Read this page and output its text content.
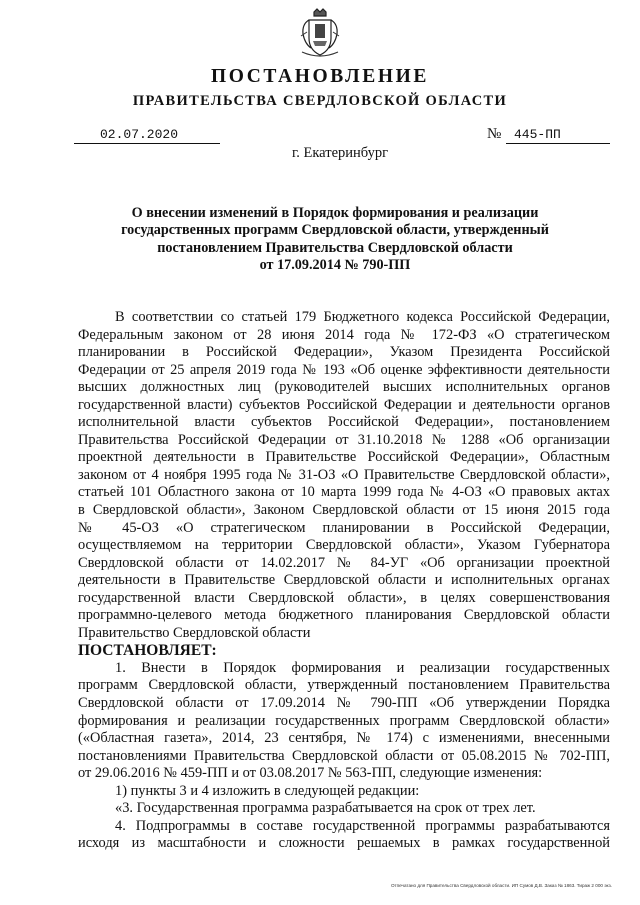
ПОСТАНОВЛЕНИЕ
ПРАВИТЕЛЬСТВА СВЕРДЛОВСКОЙ ОБЛАСТИ
02.07.2020	№ 445-ПП
г. Екатеринбург
О внесении изменений в Порядок формирования и реализации
государственных программ Свердловской области, утвержденный
постановлением Правительства Свердловской области
от 17.09.2014 № 790-ПП
В соответствии со статьей 179 Бюджетного кодекса Российской Федерации,
Федеральным законом от 28 июня 2014 года № 172-ФЗ «О стратегическом
планировании в Российской Федерации», Указом Президента Российской
Федерации от 25 апреля 2019 года № 193 «Об оценке эффективности деятельности
высших должностных лиц (руководителей высших исполнительных органов
государственной власти) субъектов Российской Федерации и деятельности органов
исполнительной власти субъектов Российской Федерации», постановлением
Правительства Российской Федерации от 31.10.2018 № 1288 «Об организации
проектной деятельности в Правительстве Российской Федерации», Областным
законом от 4 ноября 1995 года № 31-ОЗ «О Правительстве Свердловской области»,
статьей 101 Областного закона от 10 марта 1999 года № 4-ОЗ «О правовых актах
в Свердловской области», Законом Свердловской области от 15 июня 2015 года
№ 45-ОЗ «О стратегическом планировании в Российской Федерации,
осуществляемом на территории Свердловской области», Указом Губернатора
Свердловской области от 14.02.2017 № 84-УГ «Об организации проектной
деятельности в Правительстве Свердловской области и исполнительных органах
государственной власти Свердловской области», в целях совершенствования
программно-целевого метода бюджетного планирования Свердловской области
Правительство Свердловской области
ПОСТАНОВЛЯЕТ:
1. Внести в Порядок формирования и реализации государственных
программ Свердловской области, утвержденный постановлением Правительства
Свердловской области от 17.09.2014 № 790-ПП «Об утверждении Порядка
формирования и реализации государственных программ Свердловской области»
(«Областная газета», 2014, 23 сентября, № 174) с изменениями, внесенными
постановлениями Правительства Свердловской области от 05.08.2015 № 702-ПП,
от 29.06.2016 № 459-ПП и от 03.08.2017 № 563-ПП, следующие изменения:
1) пункты 3 и 4 изложить в следующей редакции:
«3. Государственная программа разрабатывается на срок от трех лет.
4. Подпрограммы в составе государственной программы разрабатываются
исходя из масштабности и сложности решаемых в рамках государственной
Отпечатано для Правительства Свердловской области. ИП Сумов Д.В. Заказ № 1863. Тираж 2 000 экз.
